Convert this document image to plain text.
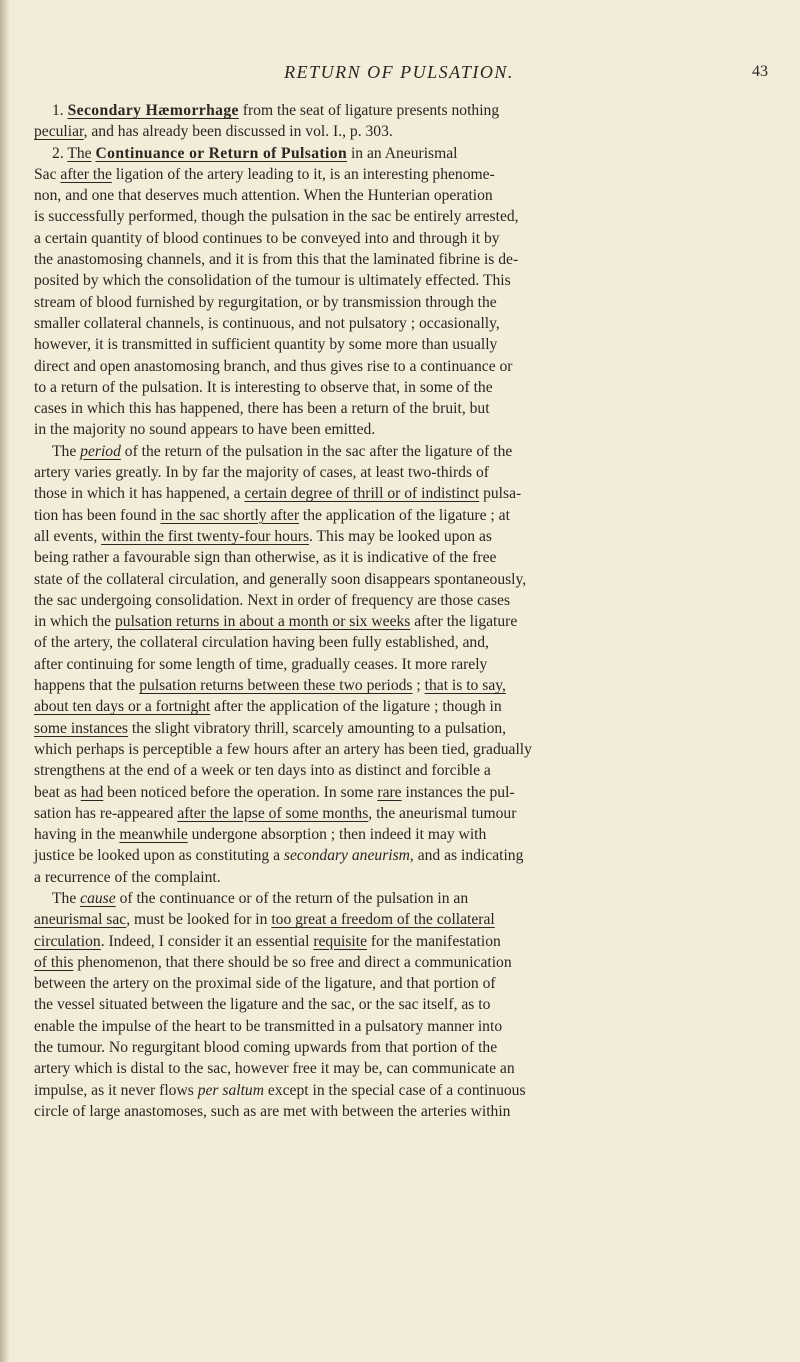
RETURN OF PULSATION.	43
1. Secondary Hæmorrhage from the seat of ligature presents nothing
peculiar, and has already been discussed in vol. I., p. 303.
2. The Continuance or Return of Pulsation in an Aneurismal
Sac after the ligation of the artery leading to it, is an interesting phenome-
non, and one that deserves much attention. When the Hunterian operation
is successfully performed, though the pulsation in the sac be entirely arrested,
a certain quantity of blood continues to be conveyed into and through it by
the anastomosing channels, and it is from this that the laminated fibrine is de-
posited by which the consolidation of the tumour is ultimately effected. This
stream of blood furnished by regurgitation, or by transmission through the
smaller collateral channels, is continuous, and not pulsatory ; occasionally,
however, it is transmitted in sufficient quantity by some more than usually
direct and open anastomosing branch, and thus gives rise to a continuance or
to a return of the pulsation. It is interesting to observe that, in some of the
cases in which this has happened, there has been a return of the bruit, but
in the majority no sound appears to have been emitted.
The period of the return of the pulsation in the sac after the ligature of the
artery varies greatly. In by far the majority of cases, at least two-thirds of
those in which it has happened, a certain degree of thrill or of indistinct pulsa-
tion has been found in the sac shortly after the application of the ligature ; at
all events, within the first twenty-four hours. This may be looked upon as
being rather a favourable sign than otherwise, as it is indicative of the free
state of the collateral circulation, and generally soon disappears spontaneously,
the sac undergoing consolidation. Next in order of frequency are those cases
in which the pulsation returns in about a month or six weeks after the ligature
of the artery, the collateral circulation having been fully established, and,
after continuing for some length of time, gradually ceases. It more rarely
happens that the pulsation returns between these two periods ; that is to say,
about ten days or a fortnight after the application of the ligature ; though in
some instances the slight vibratory thrill, scarcely amounting to a pulsation,
which perhaps is perceptible a few hours after an artery has been tied, gradually
strengthens at the end of a week or ten days into as distinct and forcible a
beat as had been noticed before the operation. In some rare instances the pul-
sation has re-appeared after the lapse of some months, the aneurismal tumour
having in the meanwhile undergone absorption ; then indeed it may with
justice be looked upon as constituting a secondary aneurism, and as indicating
a recurrence of the complaint.
The cause of the continuance or of the return of the pulsation in an
aneurismal sac, must be looked for in too great a freedom of the collateral
circulation. Indeed, I consider it an essential requisite for the manifestation
of this phenomenon, that there should be so free and direct a communication
between the artery on the proximal side of the ligature, and that portion of
the vessel situated between the ligature and the sac, or the sac itself, as to
enable the impulse of the heart to be transmitted in a pulsatory manner into
the tumour. No regurgitant blood coming upwards from that portion of the
artery which is distal to the sac, however free it may be, can communicate an
impulse, as it never flows per saltum except in the special case of a continuous
circle of large anastomoses, such as are met with between the arteries within
